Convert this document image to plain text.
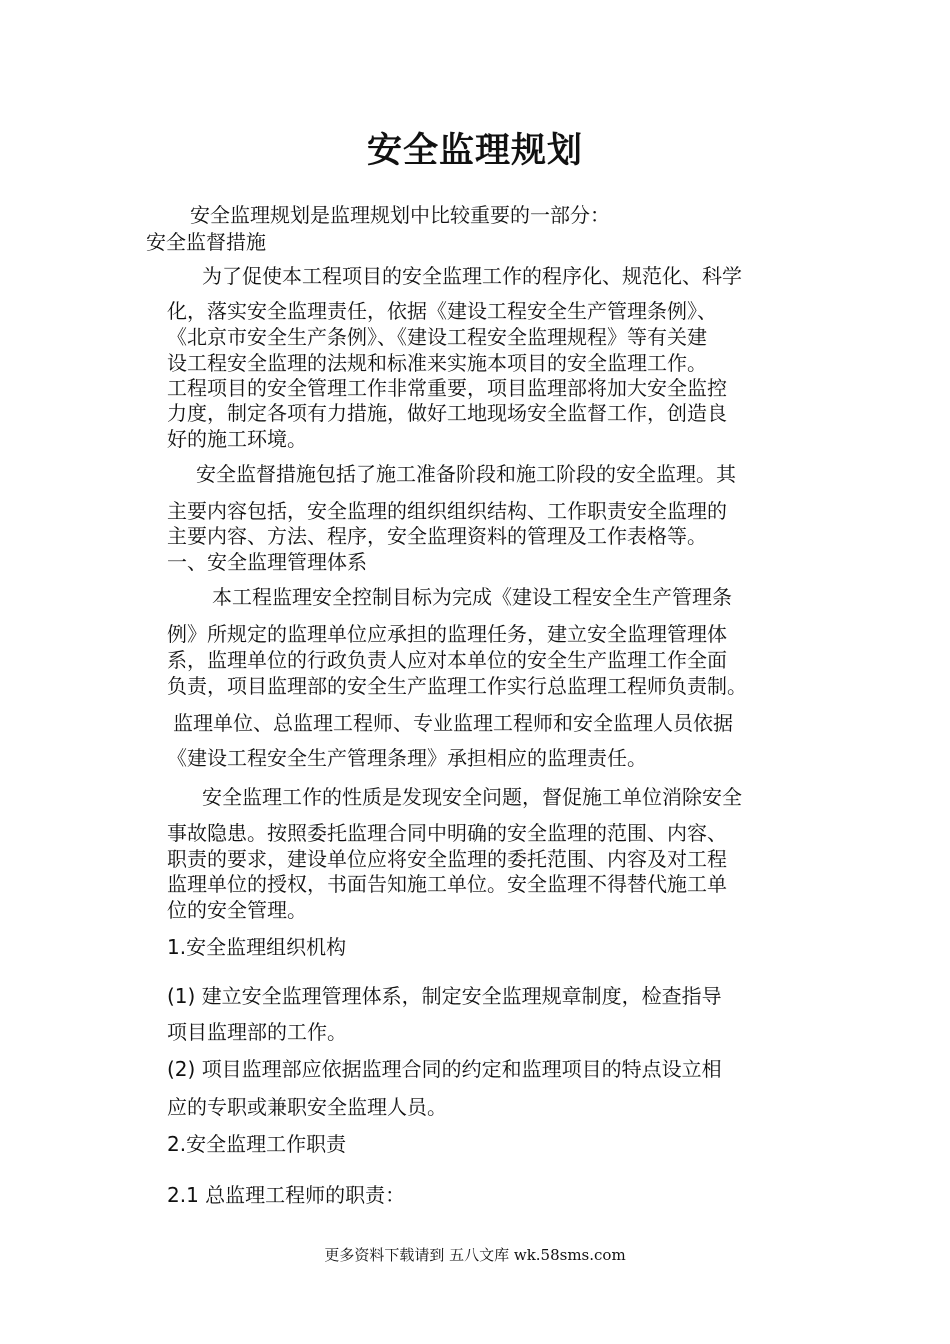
安全监理规划
安全监理规划是监理规划中比较重要的一部分：
安全监督措施
为了促使本工程项目的安全监理工作的程序化、规范化、科学
化，落实安全监理责任，依据《建设工程安全生产管理条例》、
《北京市安全生产条例》、《建设工程安全监理规程》等有关建
设工程安全监理的法规和标准来实施本项目的安全监理工作。
工程项目的安全管理工作非常重要，项目监理部将加大安全监控
力度，制定各项有力措施，做好工地现场安全监督工作，创造良
好的施工环境。
安全监督措施包括了施工准备阶段和施工阶段的安全监理。其
主要内容包括，安全监理的组织组织结构、工作职责安全监理的
主要内容、方法、程序，安全监理资料的管理及工作表格等。
一、安全监理管理体系
本工程监理安全控制目标为完成《建设工程安全生产管理条
例》所规定的监理单位应承担的监理任务，建立安全监理管理体
系，监理单位的行政负责人应对本单位的安全生产监理工作全面
负责，项目监理部的安全生产监理工作实行总监理工程师负责制。
监理单位、总监理工程师、专业监理工程师和安全监理人员依据
《建设工程安全生产管理条理》承担相应的监理责任。
安全监理工作的性质是发现安全问题，督促施工单位消除安全
事故隐患。按照委托监理合同中明确的安全监理的范围、内容、
职责的要求，建设单位应将安全监理的委托范围、内容及对工程
监理单位的授权，书面告知施工单位。安全监理不得替代施工单
位的安全管理。
1.安全监理组织机构
(1) 建立安全监理管理体系，制定安全监理规章制度，检查指导
项目监理部的工作。
(2) 项目监理部应依据监理合同的约定和监理项目的特点设立相
应的专职或兼职安全监理人员。
2.安全监理工作职责
2.1 总监理工程师的职责：
更多资料下载请到 五八文库 wk.58sms.com
